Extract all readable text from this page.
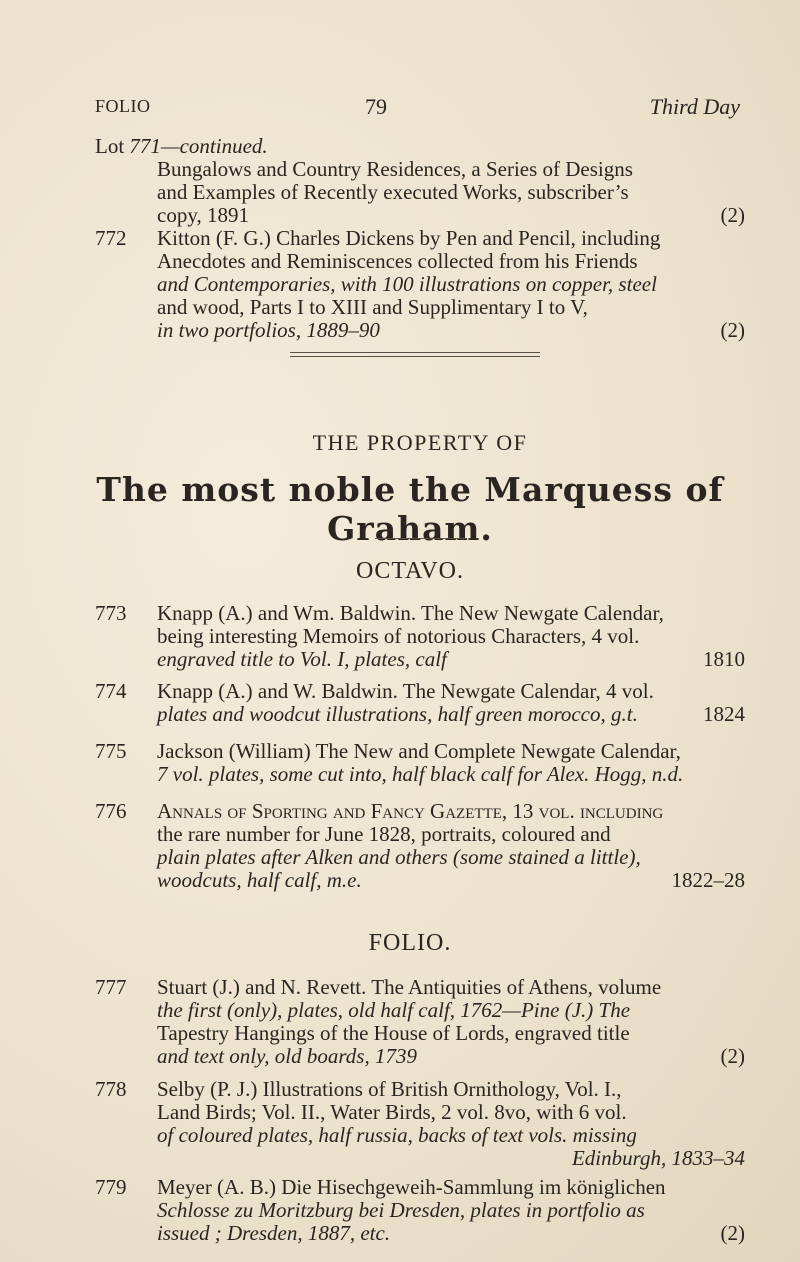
FOLIO	79	Third Day
Lot 771—continued.
Bungalows and Country Residences, a Series of Designs
and Examples of Recently executed Works, subscriber’s
copy, 1891	(2)
772	Kitton (F. G.) Charles Dickens by Pen and Pencil, including
Anecdotes and Reminiscences collected from his Friends
and Contemporaries, with 100 illustrations on copper, steel
and wood, Parts I to XIII and Supplimentary I to V,
in two portfolios, 1889–90	(2)
THE PROPERTY OF
The most noble the Marquess of Graham.
OCTAVO.
773	Knapp (A.) and Wm. Baldwin. The New Newgate Calendar,
being interesting Memoirs of notorious Characters, 4 vol.
engraved title to Vol. I, plates, calf	1810
774	Knapp (A.) and W. Baldwin. The Newgate Calendar, 4 vol.
plates and woodcut illustrations, half green morocco, g.t.	1824
775	Jackson (William) The New and Complete Newgate Calendar,
7 vol. plates, some cut into, half black calf for Alex. Hogg, n.d.
776	Annals of Sporting and Fancy Gazette, 13 vol. including
the rare number for June 1828, portraits, coloured and
plain plates after Alken and others (some stained a little),
woodcuts, half calf, m.e.	1822–28
FOLIO.
777	Stuart (J.) and N. Revett. The Antiquities of Athens, volume
the first (only), plates, old half calf, 1762—Pine (J.) The
Tapestry Hangings of the House of Lords, engraved title
and text only, old boards, 1739	(2)
778	Selby (P. J.) Illustrations of British Ornithology, Vol. I.,
Land Birds; Vol. II., Water Birds, 2 vol. 8vo, with 6 vol.
of coloured plates, half russia, backs of text vols. missing
Edinburgh, 1833–34
779	Meyer (A. B.) Die Hisechgeweih-Sammlung im königlichen
Schlosse zu Moritzburg bei Dresden, plates in portfolio as
issued ; Dresden, 1887, etc.	(2)
